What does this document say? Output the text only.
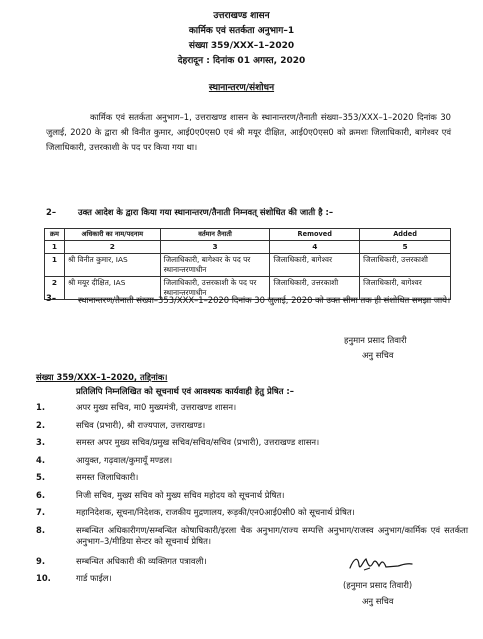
उत्तराखण्ड शासन
कार्मिक एवं सतर्कता अनुभाग–1
संख्या 359/XXX–1–2020
देहरादून : दिनांक 01 अगस्त, 2020
स्थानान्तरण/संशोधन
कार्मिक एवं सतर्कता अनुभाग–1, उत्तराखण्ड शासन के स्थानान्तरण/तैनाती संख्या–353/XXX–1–2020 दिनांक 30 जुलाई, 2020 के द्वारा श्री विनीत कुमार, आई0ए0एस0 एवं श्री मयूर दीक्षित, आई0ए0एस0 को क्रमशः जिलाधिकारी, बागेश्वर एवं जिलाधिकारी, उत्तरकाशी के पद पर किया गया था।
2–	उक्त आदेश के द्वारा किया गया स्थानान्तरण/तैनाती निम्नवत् संशोधित की जाती है :–
क्रम	अधिकारी का नाम/पदनाम	वर्तमान तैनाती	Removed	Added
1	2	3	4	5
1	श्री विनीत कुमार, IAS	जिलाधिकारी, बागेश्वर के पद पर स्थानान्तरणाधीन	जिलाधिकारी, बागेश्वर	जिलाधिकारी, उत्तरकाशी
2	श्री मयूर दीक्षित, IAS	जिलाधिकारी, उत्तरकाशी के पद पर स्थानान्तरणाधीन	जिलाधिकारी, उत्तरकाशी	जिलाधिकारी, बागेश्वर
3–	स्थानान्तरण/तैनाती संख्या–353/XXX–1–2020 दिनांक 30 जुलाई, 2020 को उक्त सीमा तक ही संशोधित समझा जाये।
हनुमान प्रसाद तिवारी
अनु सचिव
संख्या 359/XXX–1–2020, तद्दिनांक।
प्रतिलिपि निम्नलिखित को सूचनार्थ एवं आवश्यक कार्यवाही हेतु प्रेषित :–
1.	अपर मुख्य सचिव, मा0 मुख्यमंत्री, उत्तराखण्ड शासन।
2.	सचिव (प्रभारी), श्री राज्यपाल, उत्तराखण्ड।
3.	समस्त अपर मुख्य सचिव/प्रमुख सचिव/सचिव/सचिव (प्रभारी), उत्तराखण्ड शासन।
4.	आयुक्त, गढ़वाल/कुमायूँ मण्डल।
5.	समस्त जिलाधिकारी।
6.	निजी सचिव, मुख्य सचिव को मुख्य सचिव महोदय को सूचनार्थ प्रेषित।
7.	महानिदेशक, सूचना/निदेशक, राजकीय मुद्रणालय, रूड़की/एन0आई0सी0 को सूचनार्थ प्रेषित।
8.	सम्बन्धित अधिकारीगण/सम्बन्धित कोषाधिकारी/इरला चैक अनुभाग/राज्य सम्पत्ति अनुभाग/राजस्व अनुभाग/कार्मिक एवं सतर्कता अनुभाग–3/मीडिया सेन्टर को सूचनार्थ प्रेषित।
9.	सम्बन्धित अधिकारी की व्यक्तिगत पत्रावली।
10.	गार्ड फाईल।
(हनुमान प्रसाद तिवारी)
अनु सचिव
